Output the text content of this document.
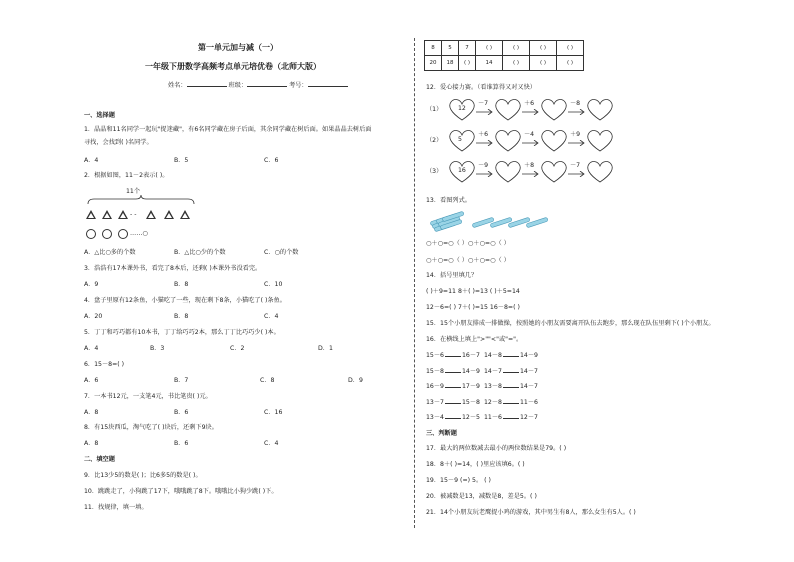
第一单元加与减（一）
一年级下册数学高频考点单元培优卷（北师大版）
姓名：	班级：	考号：
一、选择题
1．晶晶和11名同学一起玩"捉迷藏"，有6名同学藏在房子后面，其余同学藏在树后面。如果晶晶去树后面
寻找，会找到( )名同学。
A．4	B．5	C．6
2．根据如图，11－2表示( )。
11个
- -
……○
A．△比○多的个数	B．△比○少的个数	C．○的个数
3．浩浩有17本课外书，看完了8本后，还剩( )本课外书没看完。
A．9	B．8	C．10
4．盘子里原有12条鱼，小猫吃了一些，现在剩下8条，小猫吃了( )条鱼。
A．20	B．8	C．4
5．丁丁和巧巧都有10本书，丁丁给巧巧2本，那么丁丁比巧巧少( )本。
A．4	B．3	C．2	D．1
6．15－8=( )
A．6	B．7	C．8	D．9
7．一本书12元，一支笔4元，书比笔贵( )元。
A．8	B．6	C．16
8．有15块西瓜，淘气吃了( )块后，还剩下9块。
A．8	B．6	C．4
二、填空题
9．比13少5的数是( )；比6多5的数是( )。
10．跳跳走了，小狗跳了17下，哦哦跳了8下。哦哦比小狗少跳( )下。
11．找规律，填一填。
8	5	7	( )	( )	( )	( )
20	18	( )	14	( )	( )	( )
12．爱心接力赛。（看谁算得又对又快）
（1）	12
－7	＋6	－8
（2）	5
＋6	－4	＋9
（3）	16
－9	＋8	－7
13．看图列式。
○＋○=○（ ）○＋○=○（ ）
○＋○=○（ ）○＋○=○（ ）
14．括号里填几？
( )＋9=11 8＋( )=13 ( )＋5=14
12－6=( ) 7＋( )=15 16－8=( )
15．15个小朋友排成一排做操，按照她的小朋友需要离开队伍去跑步，那么现在队伍里剩下( )个小朋友。
16．在横线上填上">""<"或"="。
15－6	16－7 14－8	14－9
15－8	14－9 14－7	14－7
16－9	17－9 13－8	14－7
13－7	15－8 12－8	11－6
13－4	12－5 11－6	12－7
三、判断题
17．最大的两位数减去最小的两位数结果是79。( )
18．8＋( )=14，( )里应该填6。( )
19．15－9 (=) 5。 ( )
20．被减数是13，减数是8，差是5。( )
21．14个小朋友玩老鹰捉小鸡的游戏，其中男生有8人，那么女生有5人。( )
